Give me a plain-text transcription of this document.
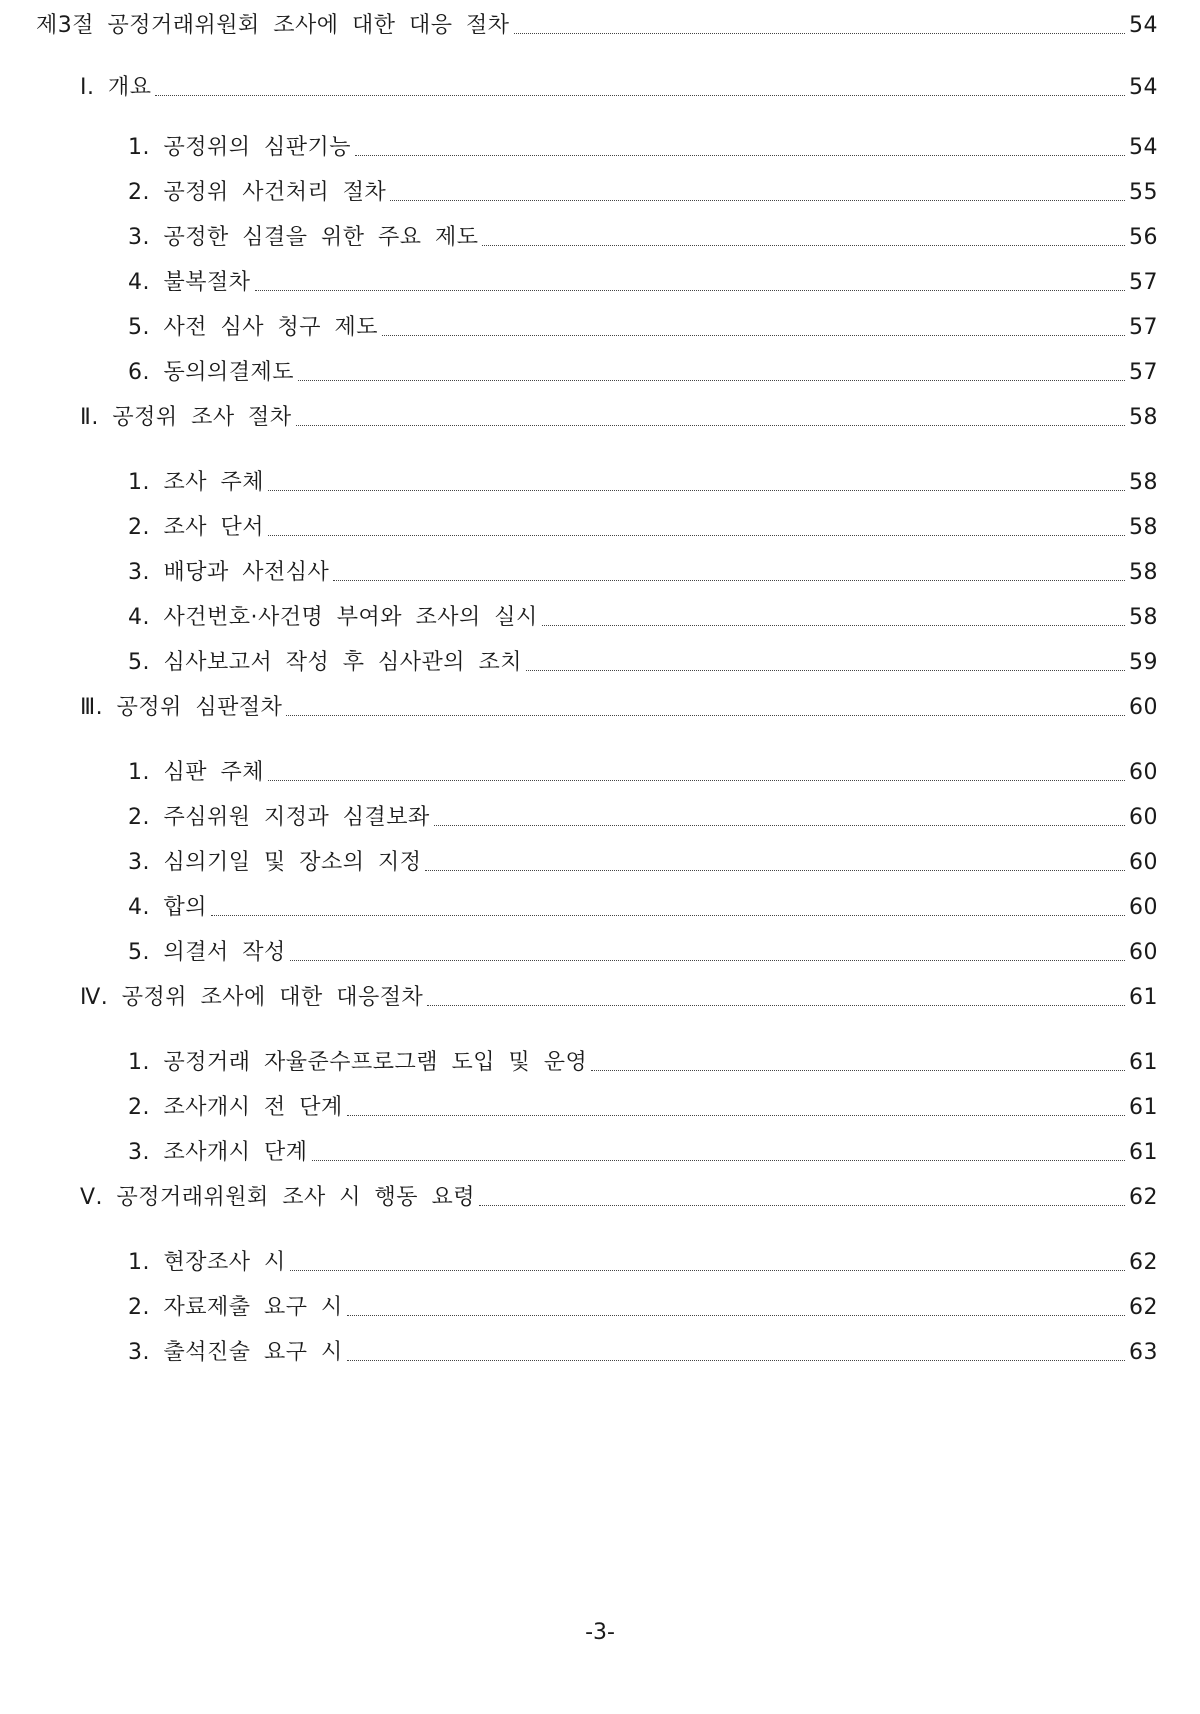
제3절 공정거래위원회 조사에 대한 대응 절차	54
Ⅰ. 개요	54
1. 공정위의 심판기능	54
2. 공정위 사건처리 절차	55
3. 공정한 심결을 위한 주요 제도	56
4. 불복절차	57
5. 사전 심사 청구 제도	57
6. 동의의결제도	57
Ⅱ. 공정위 조사 절차	58
1. 조사 주체	58
2. 조사 단서	58
3. 배당과 사전심사	58
4. 사건번호·사건명 부여와 조사의 실시	58
5. 심사보고서 작성 후 심사관의 조치	59
Ⅲ. 공정위 심판절차	60
1. 심판 주체	60
2. 주심위원 지정과 심결보좌	60
3. 심의기일 및 장소의 지정	60
4. 합의	60
5. 의결서 작성	60
Ⅳ. 공정위 조사에 대한 대응절차	61
1. 공정거래 자율준수프로그램 도입 및 운영	61
2. 조사개시 전 단계	61
3. 조사개시 단계	61
Ⅴ. 공정거래위원회 조사 시 행동 요령	62
1. 현장조사 시	62
2. 자료제출 요구 시	62
3. 출석진술 요구 시	63
-3-
